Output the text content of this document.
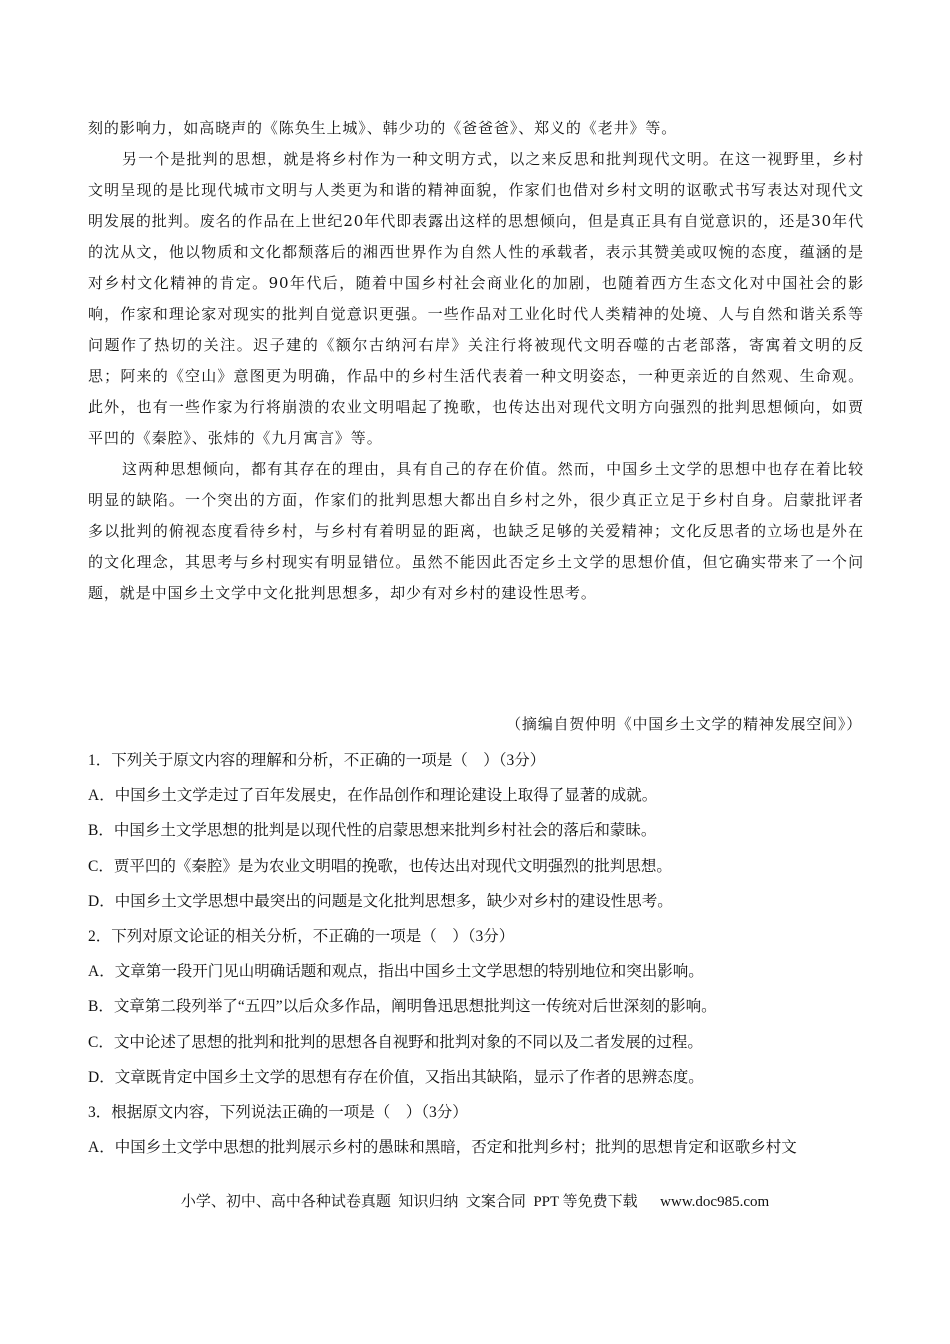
刻的影响力，如高晓声的《陈奂生上城》、韩少功的《爸爸爸》、郑义的《老井》等。

另一个是批判的思想，就是将乡村作为一种文明方式，以之来反思和批判现代文明。在这一视野里，乡村文明呈现的是比现代城市文明与人类更为和谐的精神面貌，作家们也借对乡村文明的讴歌式书写表达对现代文明发展的批判。废名的作品在上世纪20年代即表露出这样的思想倾向，但是真正具有自觉意识的，还是30年代的沈从文，他以物质和文化都颓落后的湘西世界作为自然人性的承载者，表示其赞美或叹惋的态度，蕴涵的是对乡村文化精神的肯定。90年代后，随着中国乡村社会商业化的加剧，也随着西方生态文化对中国社会的影响，作家和理论家对现实的批判自觉意识更强。一些作品对工业化时代人类精神的处境、人与自然和谐关系等问题作了热切的关注。迟子建的《额尔古纳河右岸》关注行将被现代文明吞噬的古老部落，寄寓着文明的反思；阿来的《空山》意图更为明确，作品中的乡村生活代表着一种文明姿态，一种更亲近的自然观、生命观。此外，也有一些作家为行将崩溃的农业文明唱起了挽歌，也传达出对现代文明方向强烈的批判思想倾向，如贾平凹的《秦腔》、张炜的《九月寓言》等。

这两种思想倾向，都有其存在的理由，具有自己的存在价值。然而，中国乡土文学的思想中也存在着比较明显的缺陷。一个突出的方面，作家们的批判思想大都出自乡村之外，很少真正立足于乡村自身。启蒙批评者多以批判的俯视态度看待乡村，与乡村有着明显的距离，也缺乏足够的关爱精神；文化反思者的立场也是外在的文化理念，其思考与乡村现实有明显错位。虽然不能因此否定乡土文学的思想价值，但它确实带来了一个问题，就是中国乡土文学中文化批判思想多，却少有对乡村的建设性思考。

（摘编自贺仲明《中国乡土文学的精神发展空间》）
1．下列关于原文内容的理解和分析，不正确的一项是（　）（3分）
A．中国乡土文学走过了百年发展史，在作品创作和理论建设上取得了显著的成就。
B．中国乡土文学思想的批判是以现代性的启蒙思想来批判乡村社会的落后和蒙昧。
C．贾平凹的《秦腔》是为农业文明唱的挽歌，也传达出对现代文明强烈的批判思想。
D．中国乡土文学思想中最突出的问题是文化批判思想多，缺少对乡村的建设性思考。
2．下列对原文论证的相关分析，不正确的一项是（　）（3分）
A．文章第一段开门见山明确话题和观点，指出中国乡土文学思想的特别地位和突出影响。
B．文章第二段列举了“五四”以后众多作品，阐明鲁迅思想批判这一传统对后世深刻的影响。
C．文中论述了思想的批判和批判的思想各自视野和批判对象的不同以及二者发展的过程。
D．文章既肯定中国乡土文学的思想有存在价值，又指出其缺陷，显示了作者的思辨态度。
3．根据原文内容，下列说法正确的一项是（　）（3分）
A．中国乡土文学中思想的批判展示乡村的愚昧和黑暗，否定和批判乡村；批判的思想肯定和讴歌乡村文
小学、初中、高中各种试卷真题  知识归纳  文案合同  PPT 等免费下载      www.doc985.com
